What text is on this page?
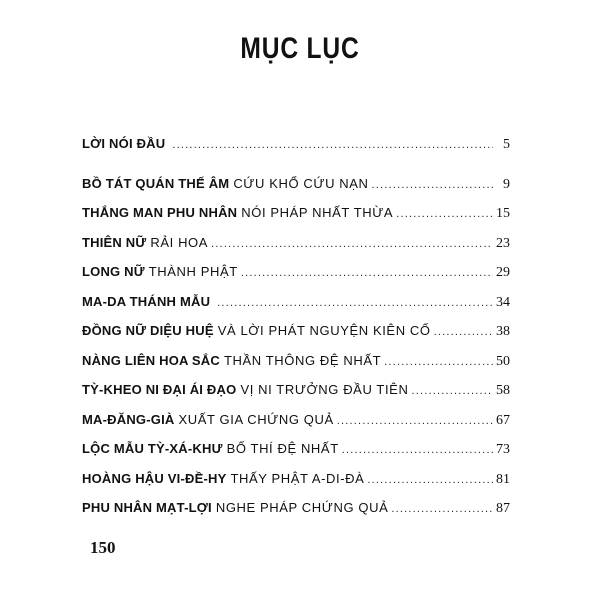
MỤC LỤC
LỜI NÓI ĐẦU .....	5
BỒ TÁT QUÁN THẾ ÂM CỨU KHỔ CỨU NẠN .....	9
THẮNG MAN PHU NHÂN NÓI PHÁP NHẤT THỪA .....	15
THIÊN NỮ RẢI HOA .....	23
LONG NỮ THÀNH PHẬT .....	29
MA-DA THÁNH MẪU .....	34
ĐỒNG NỮ DIỆU HUỆ VÀ LỜI PHÁT NGUYỆN KIÊN CỐ .....	38
NÀNG LIÊN HOA SẮC THẦN THÔNG ĐỆ NHẤT .....	50
TỲ-KHEO NI ĐẠI ÁI ĐẠO VỊ NI TRƯỞNG ĐẦU TIÊN .....	58
MA-ĐĂNG-GIÀ XUẤT GIA CHỨNG QUẢ .....	67
LỘC MẪU TỲ-XÁ-KHƯ BỐ THÍ ĐỆ NHẤT .....	73
HOÀNG HẬU VI-ĐỀ-HY THẤY PHẬT A-DI-ĐÀ .....	81
PHU NHÂN MẠT-LỢI NGHE PHÁP CHỨNG QUẢ .....	87
150
